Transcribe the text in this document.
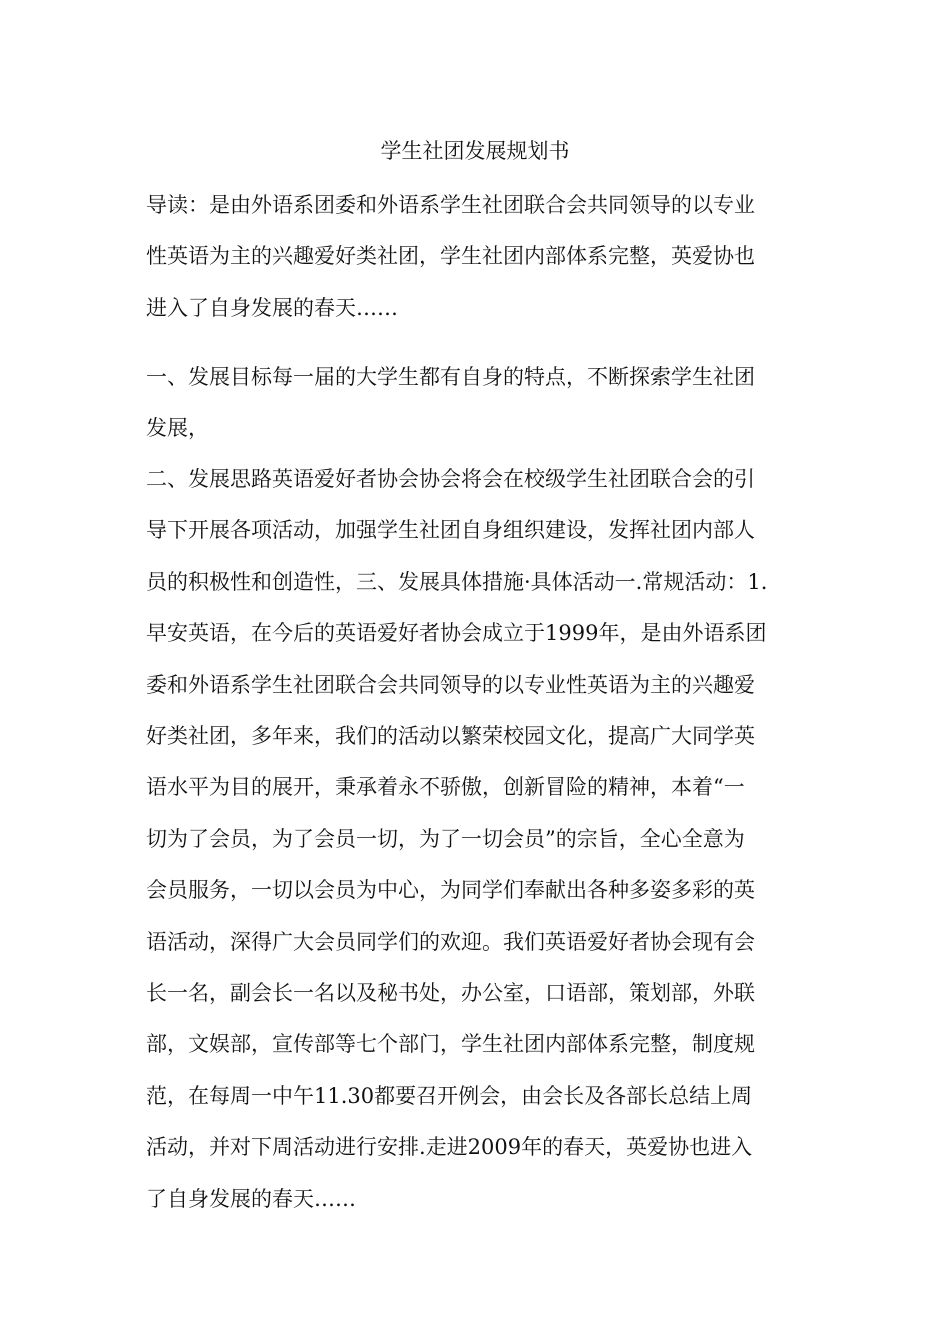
学生社团发展规划书

导读：是由外语系团委和外语系学生社团联合会共同领导的以专业
性英语为主的兴趣爱好类社团，学生社团内部体系完整，英爱协也
进入了自身发展的春天……

一、发展目标每一届的大学生都有自身的特点，不断探索学生社团
发展，

二、发展思路英语爱好者协会协会将会在校级学生社团联合会的引
导下开展各项活动，加强学生社团自身组织建设，发挥社团内部人
员的积极性和创造性，三、发展具体措施·具体活动一.常规活动：1.
早安英语，在今后的英语爱好者协会成立于1999年，是由外语系团
委和外语系学生社团联合会共同领导的以专业性英语为主的兴趣爱
好类社团，多年来，我们的活动以繁荣校园文化，提高广大同学英
语水平为目的展开，秉承着永不骄傲，创新冒险的精神，本着“一
切为了会员，为了会员一切，为了一切会员”的宗旨，全心全意为
会员服务，一切以会员为中心，为同学们奉献出各种多姿多彩的英
语活动，深得广大会员同学们的欢迎。我们英语爱好者协会现有会
长一名，副会长一名以及秘书处，办公室，口语部，策划部，外联
部，文娱部，宣传部等七个部门，学生社团内部体系完整，制度规
范，在每周一中午11.30都要召开例会，由会长及各部长总结上周
活动，并对下周活动进行安排.走进2009年的春天，英爱协也进入
了自身发展的春天……
